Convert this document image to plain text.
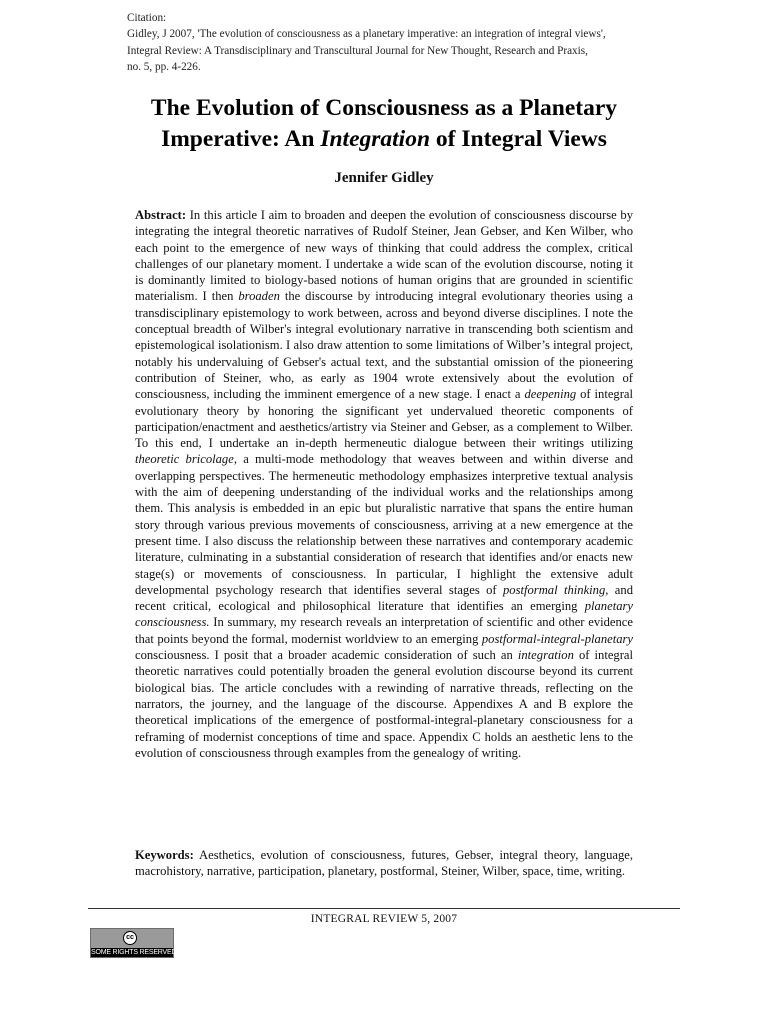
Citation:
Gidley, J 2007, 'The evolution of consciousness as a planetary imperative: an integration of integral views',
Integral Review: A Transdisciplinary and Transcultural Journal for New Thought, Research and Praxis,
no. 5, pp. 4-226.
The Evolution of Consciousness as a Planetary Imperative: An Integration of Integral Views
Jennifer Gidley

Abstract: In this article I aim to broaden and deepen the evolution of consciousness discourse by integrating the integral theoretic narratives of Rudolf Steiner, Jean Gebser, and Ken Wilber, who each point to the emergence of new ways of thinking that could address the complex, critical challenges of our planetary moment. I undertake a wide scan of the evolution discourse, noting it is dominantly limited to biology-based notions of human origins that are grounded in scientific materialism. I then broaden the discourse by introducing integral evolutionary theories using a transdisciplinary epistemology to work between, across and beyond diverse disciplines. I note the conceptual breadth of Wilber's integral evolutionary narrative in transcending both scientism and epistemological isolationism. I also draw attention to some limitations of Wilber’s integral project, notably his undervaluing of Gebser's actual text, and the substantial omission of the pioneering contribution of Steiner, who, as early as 1904 wrote extensively about the evolution of consciousness, including the imminent emergence of a new stage. I enact a deepening of integral evolutionary theory by honoring the significant yet undervalued theoretic components of participation/enactment and aesthetics/artistry via Steiner and Gebser, as a complement to Wilber. To this end, I undertake an in-depth hermeneutic dialogue between their writings utilizing theoretic bricolage, a multi-mode methodology that weaves between and within diverse and overlapping perspectives. The hermeneutic methodology emphasizes interpretive textual analysis with the aim of deepening understanding of the individual works and the relationships among them. This analysis is embedded in an epic but pluralistic narrative that spans the entire human story through various previous movements of consciousness, arriving at a new emergence at the present time. I also discuss the relationship between these narratives and contemporary academic literature, culminating in a substantial consideration of research that identifies and/or enacts new stage(s) or movements of consciousness. In particular, I highlight the extensive adult developmental psychology research that identifies several stages of postformal thinking, and recent critical, ecological and philosophical literature that identifies an emerging planetary consciousness. In summary, my research reveals an interpretation of scientific and other evidence that points beyond the formal, modernist worldview to an emerging postformal-integral-planetary consciousness. I posit that a broader academic consideration of such an integration of integral theoretic narratives could potentially broaden the general evolution discourse beyond its current biological bias. The article concludes with a rewinding of narrative threads, reflecting on the narrators, the journey, and the language of the discourse. Appendixes A and B explore the theoretical implications of the emergence of postformal-integral-planetary consciousness for a reframing of modernist conceptions of time and space. Appendix C holds an aesthetic lens to the evolution of consciousness through examples from the genealogy of writing.

Keywords: Aesthetics, evolution of consciousness, futures, Gebser, integral theory, language, macrohistory, narrative, participation, planetary, postformal, Steiner, Wilber, space, time, writing.

INTEGRAL REVIEW 5, 2007
cc
SOME RIGHTS RESERVED
